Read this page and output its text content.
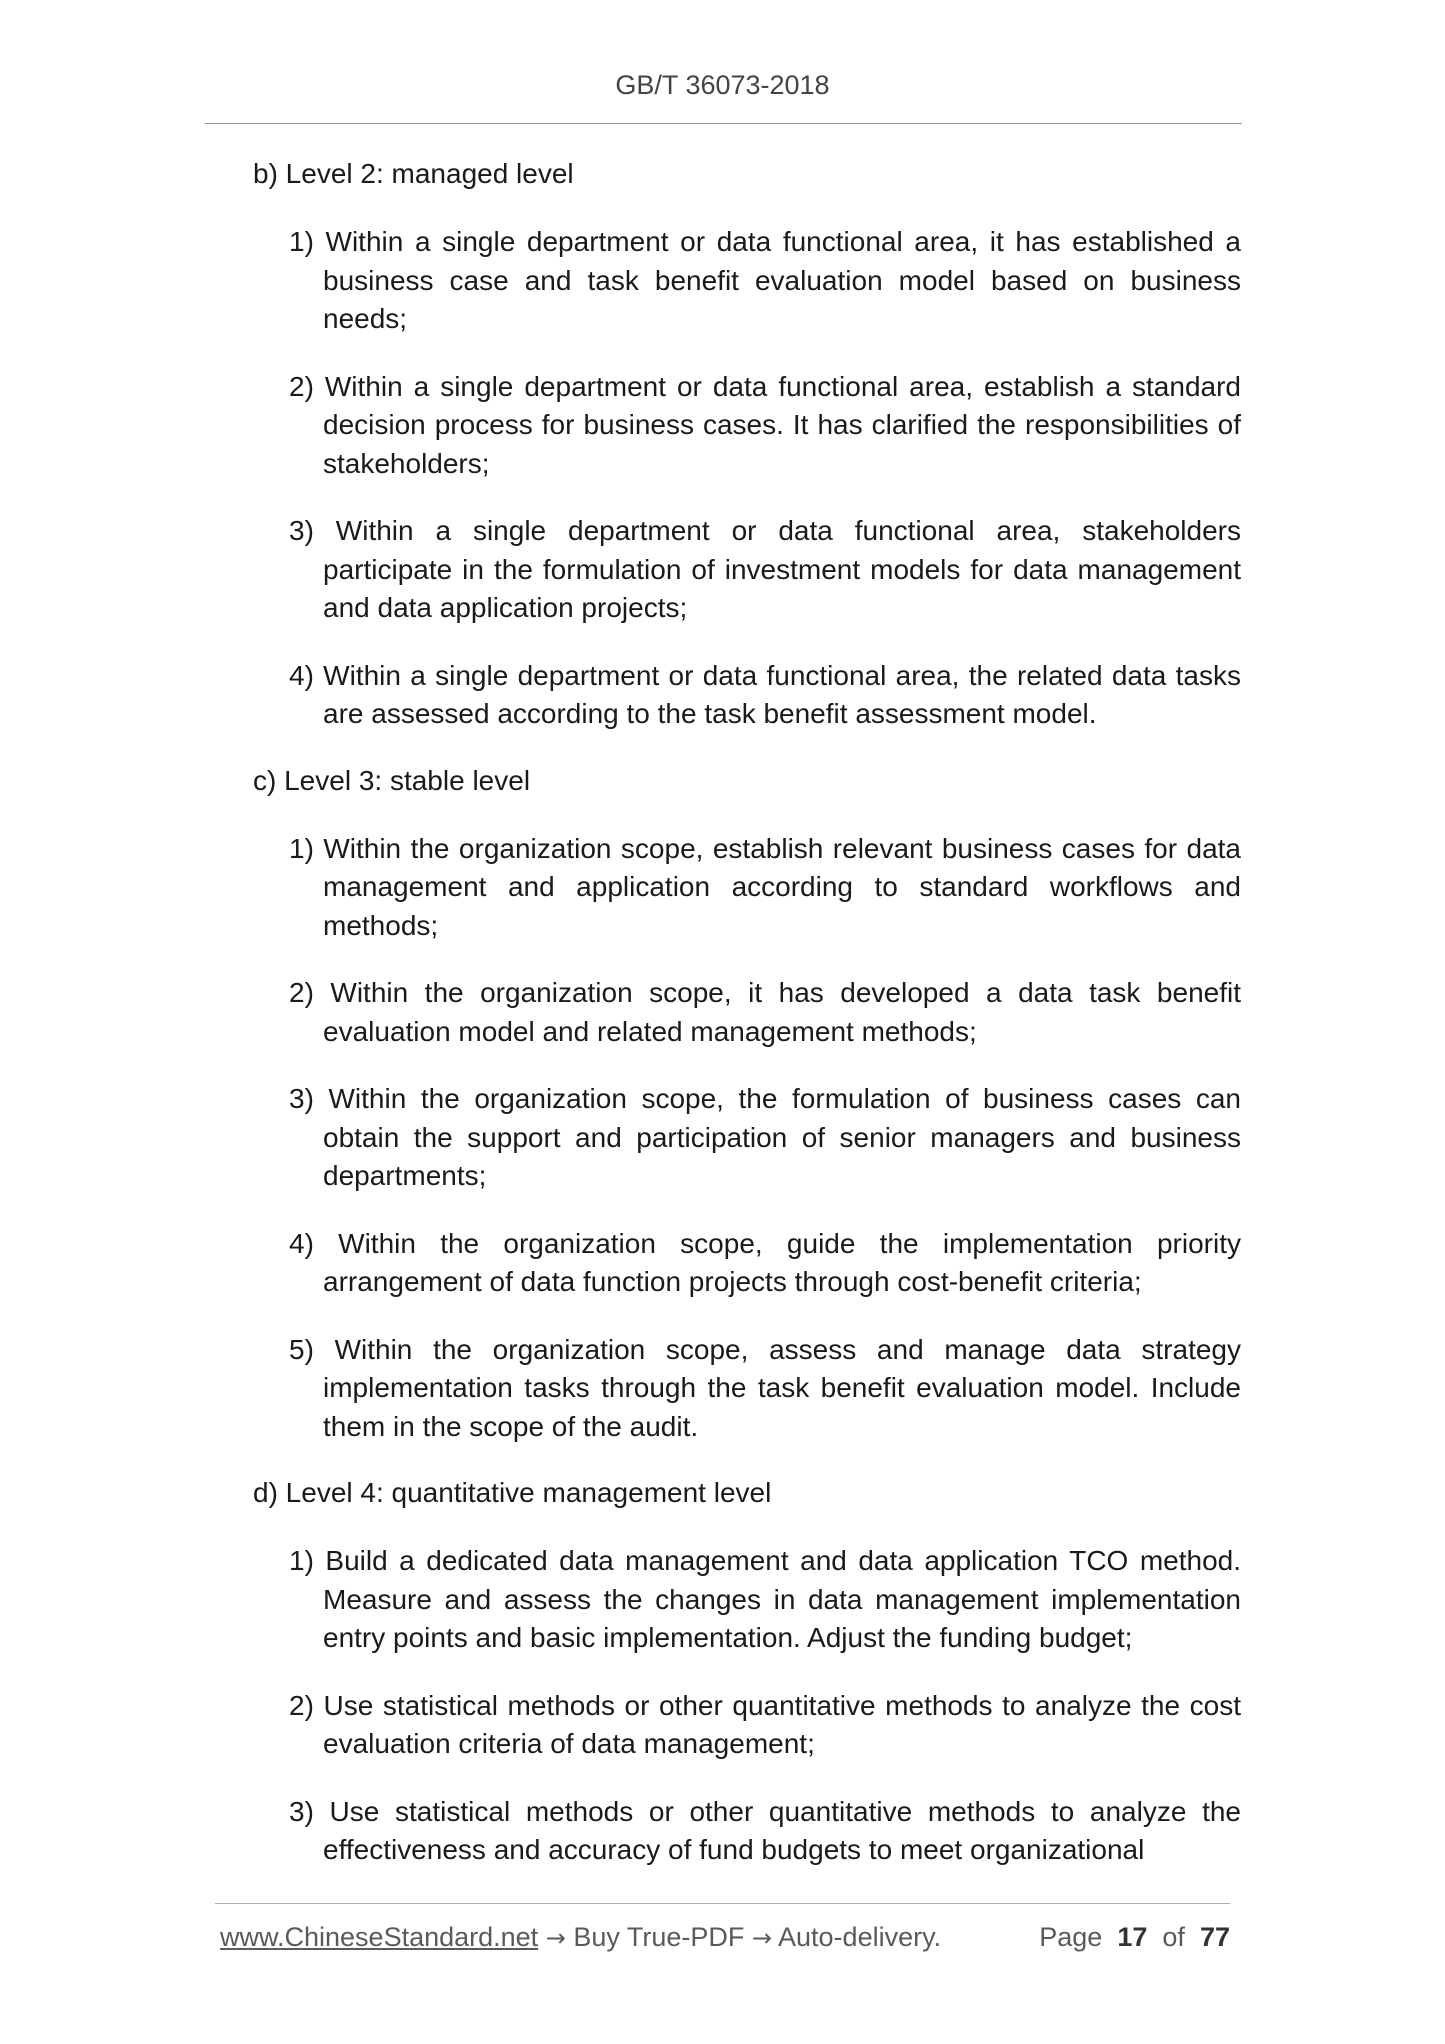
GB/T 36073-2018
b) Level 2: managed level
1) Within a single department or data functional area, it has established a business case and task benefit evaluation model based on business needs;
2) Within a single department or data functional area, establish a standard decision process for business cases. It has clarified the responsibilities of stakeholders;
3) Within a single department or data functional area, stakeholders participate in the formulation of investment models for data management and data application projects;
4) Within a single department or data functional area, the related data tasks are assessed according to the task benefit assessment model.
c) Level 3: stable level
1) Within the organization scope, establish relevant business cases for data management and application according to standard workflows and methods;
2) Within the organization scope, it has developed a data task benefit evaluation model and related management methods;
3) Within the organization scope, the formulation of business cases can obtain the support and participation of senior managers and business departments;
4) Within the organization scope, guide the implementation priority arrangement of data function projects through cost-benefit criteria;
5) Within the organization scope, assess and manage data strategy implementation tasks through the task benefit evaluation model. Include them in the scope of the audit.
d) Level 4: quantitative management level
1) Build a dedicated data management and data application TCO method. Measure and assess the changes in data management implementation entry points and basic implementation. Adjust the funding budget;
2) Use statistical methods or other quantitative methods to analyze the cost evaluation criteria of data management;
3) Use statistical methods or other quantitative methods to analyze the effectiveness and accuracy of fund budgets to meet organizational
www.ChineseStandard.net → Buy True-PDF → Auto-delivery.	Page 17 of 77
